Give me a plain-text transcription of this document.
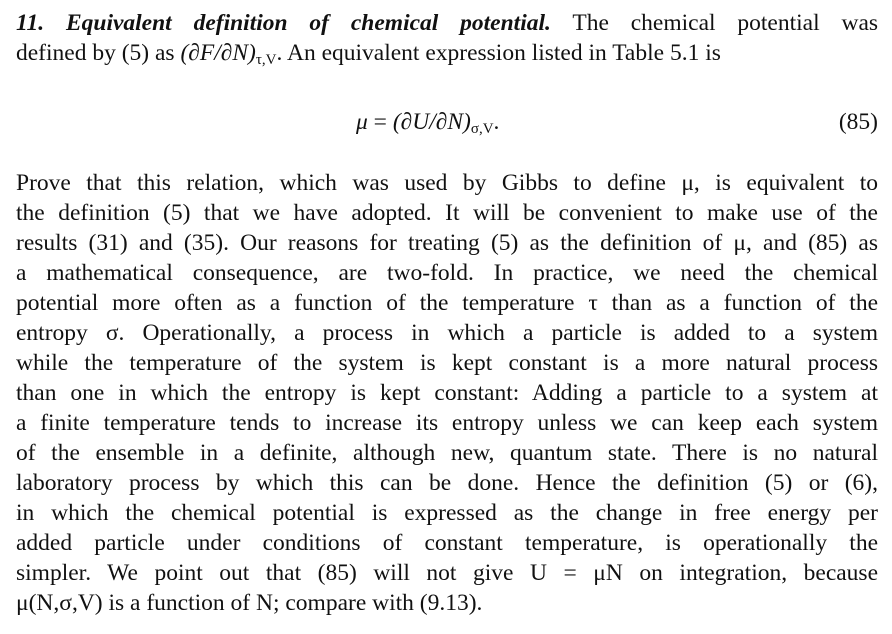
11. Equivalent definition of chemical potential. The chemical potential was
defined by (5) as $(\partial F/\partial N)_{\tau,V}$. An equivalent expression listed in Table 5.1 is
$\mu = (\partial U/\partial N)_{\sigma,V}$.	(85)
Prove that this relation, which was used by Gibbs to define μ, is equivalent to
the definition (5) that we have adopted. It will be convenient to make use of the
results (31) and (35). Our reasons for treating (5) as the definition of μ, and (85) as
a mathematical consequence, are two-fold. In practice, we need the chemical
potential more often as a function of the temperature τ than as a function of the
entropy σ. Operationally, a process in which a particle is added to a system
while the temperature of the system is kept constant is a more natural process
than one in which the entropy is kept constant: Adding a particle to a system at
a finite temperature tends to increase its entropy unless we can keep each system
of the ensemble in a definite, although new, quantum state. There is no natural
laboratory process by which this can be done. Hence the definition (5) or (6),
in which the chemical potential is expressed as the change in free energy per
added particle under conditions of constant temperature, is operationally the
simpler. We point out that (85) will not give U = μN on integration, because
μ(N,σ,V) is a function of N; compare with (9.13).
